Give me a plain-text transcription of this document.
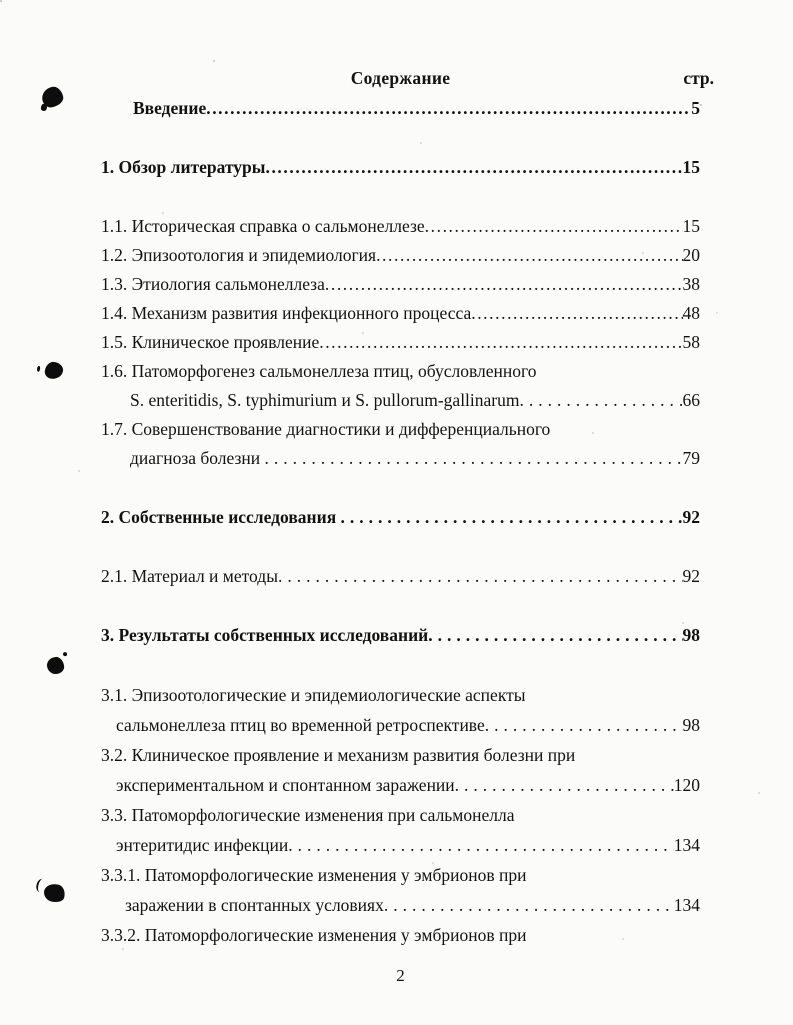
Содержание	стр.
Введение .....	5
1. Обзор литературы .....	15
1.1. Историческая справка о сальмонеллезе .....	15
1.2. Эпизоотология и эпидемиология .....	20
1.3. Этиология сальмонеллеза .....	38
1.4. Механизм развития инфекционного процесса .....	48
1.5. Клиническое проявление .....	58
1.6. Патоморфогенез сальмонеллеза птиц, обусловленного
S. enteritidis, S. typhimurium и S. pullorum-gallinarum .....	66
1.7. Совершенствование диагностики и дифференциального
диагноза болезни .....	79
2. Собственные исследования .....	92
2.1. Материал и методы .....	92
3. Результаты собственных исследований .....	98
3.1. Эпизоотологические и эпидемиологические аспекты
сальмонеллеза птиц во временной ретроспективе .....	98
3.2. Клиническое проявление и механизм развития болезни при
экспериментальном и спонтанном заражении .....	120
3.3. Патоморфологические изменения при сальмонелла
энтеритидис инфекции .....	134
3.3.1. Патоморфологические изменения у эмбрионов при
заражении в спонтанных условиях .....	134
3.3.2. Патоморфологические изменения у эмбрионов при
2
